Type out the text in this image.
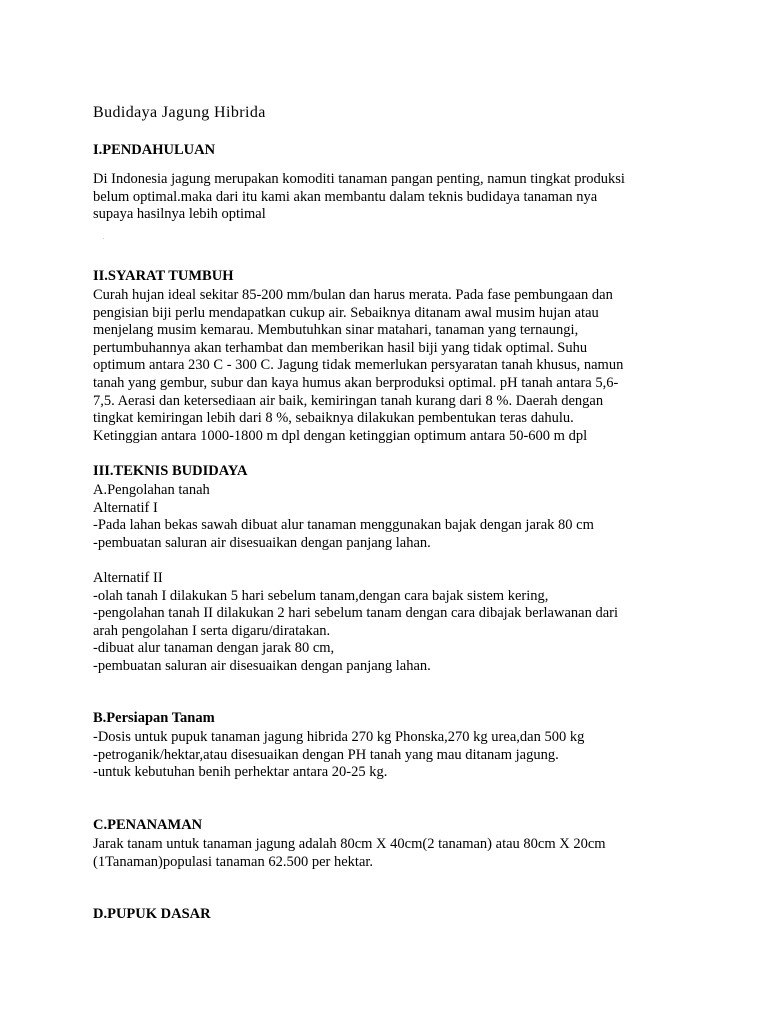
Budidaya Jagung Hibrida
I.PENDAHULUAN
Di Indonesia jagung merupakan komoditi tanaman pangan penting, namun tingkat produksi
belum optimal.maka dari itu kami akan membantu dalam teknis budidaya tanaman nya
supaya hasilnya lebih optimal
.
II.SYARAT TUMBUH
Curah hujan ideal sekitar 85-200 mm/bulan dan harus merata. Pada fase pembungaan dan
pengisian biji perlu mendapatkan cukup air. Sebaiknya ditanam awal musim hujan atau
menjelang musim kemarau. Membutuhkan sinar matahari, tanaman yang ternaungi,
pertumbuhannya akan terhambat dan memberikan hasil biji yang tidak optimal. Suhu
optimum antara 230 C - 300 C. Jagung tidak memerlukan persyaratan tanah khusus, namun
tanah yang gembur, subur dan kaya humus akan berproduksi optimal. pH tanah antara 5,6-
7,5. Aerasi dan ketersediaan air baik, kemiringan tanah kurang dari 8 %. Daerah dengan
tingkat kemiringan lebih dari 8 %, sebaiknya dilakukan pembentukan teras dahulu.
Ketinggian antara 1000-1800 m dpl dengan ketinggian optimum antara 50-600 m dpl
III.TEKNIS BUDIDAYA
A.Pengolahan tanah
Alternatif I
-Pada lahan bekas sawah dibuat alur tanaman menggunakan bajak dengan jarak 80 cm
-pembuatan saluran air disesuaikan dengan panjang lahan.
Alternatif II
-olah tanah I dilakukan 5 hari sebelum tanam,dengan cara bajak sistem kering,
-pengolahan tanah II dilakukan 2 hari sebelum tanam dengan cara dibajak berlawanan dari
arah pengolahan I serta digaru/diratakan.
-dibuat alur tanaman dengan jarak 80 cm,
-pembuatan saluran air disesuaikan dengan panjang lahan.
B.Persiapan Tanam
-Dosis untuk pupuk tanaman jagung hibrida 270 kg Phonska,270 kg urea,dan 500 kg
-petroganik/hektar,atau disesuaikan dengan PH tanah yang mau ditanam jagung.
-untuk kebutuhan benih perhektar antara 20-25 kg.
C.PENANAMAN
Jarak tanam untuk tanaman jagung adalah 80cm X 40cm(2 tanaman) atau 80cm X 20cm
(1Tanaman)populasi tanaman 62.500 per hektar.
D.PUPUK DASAR
